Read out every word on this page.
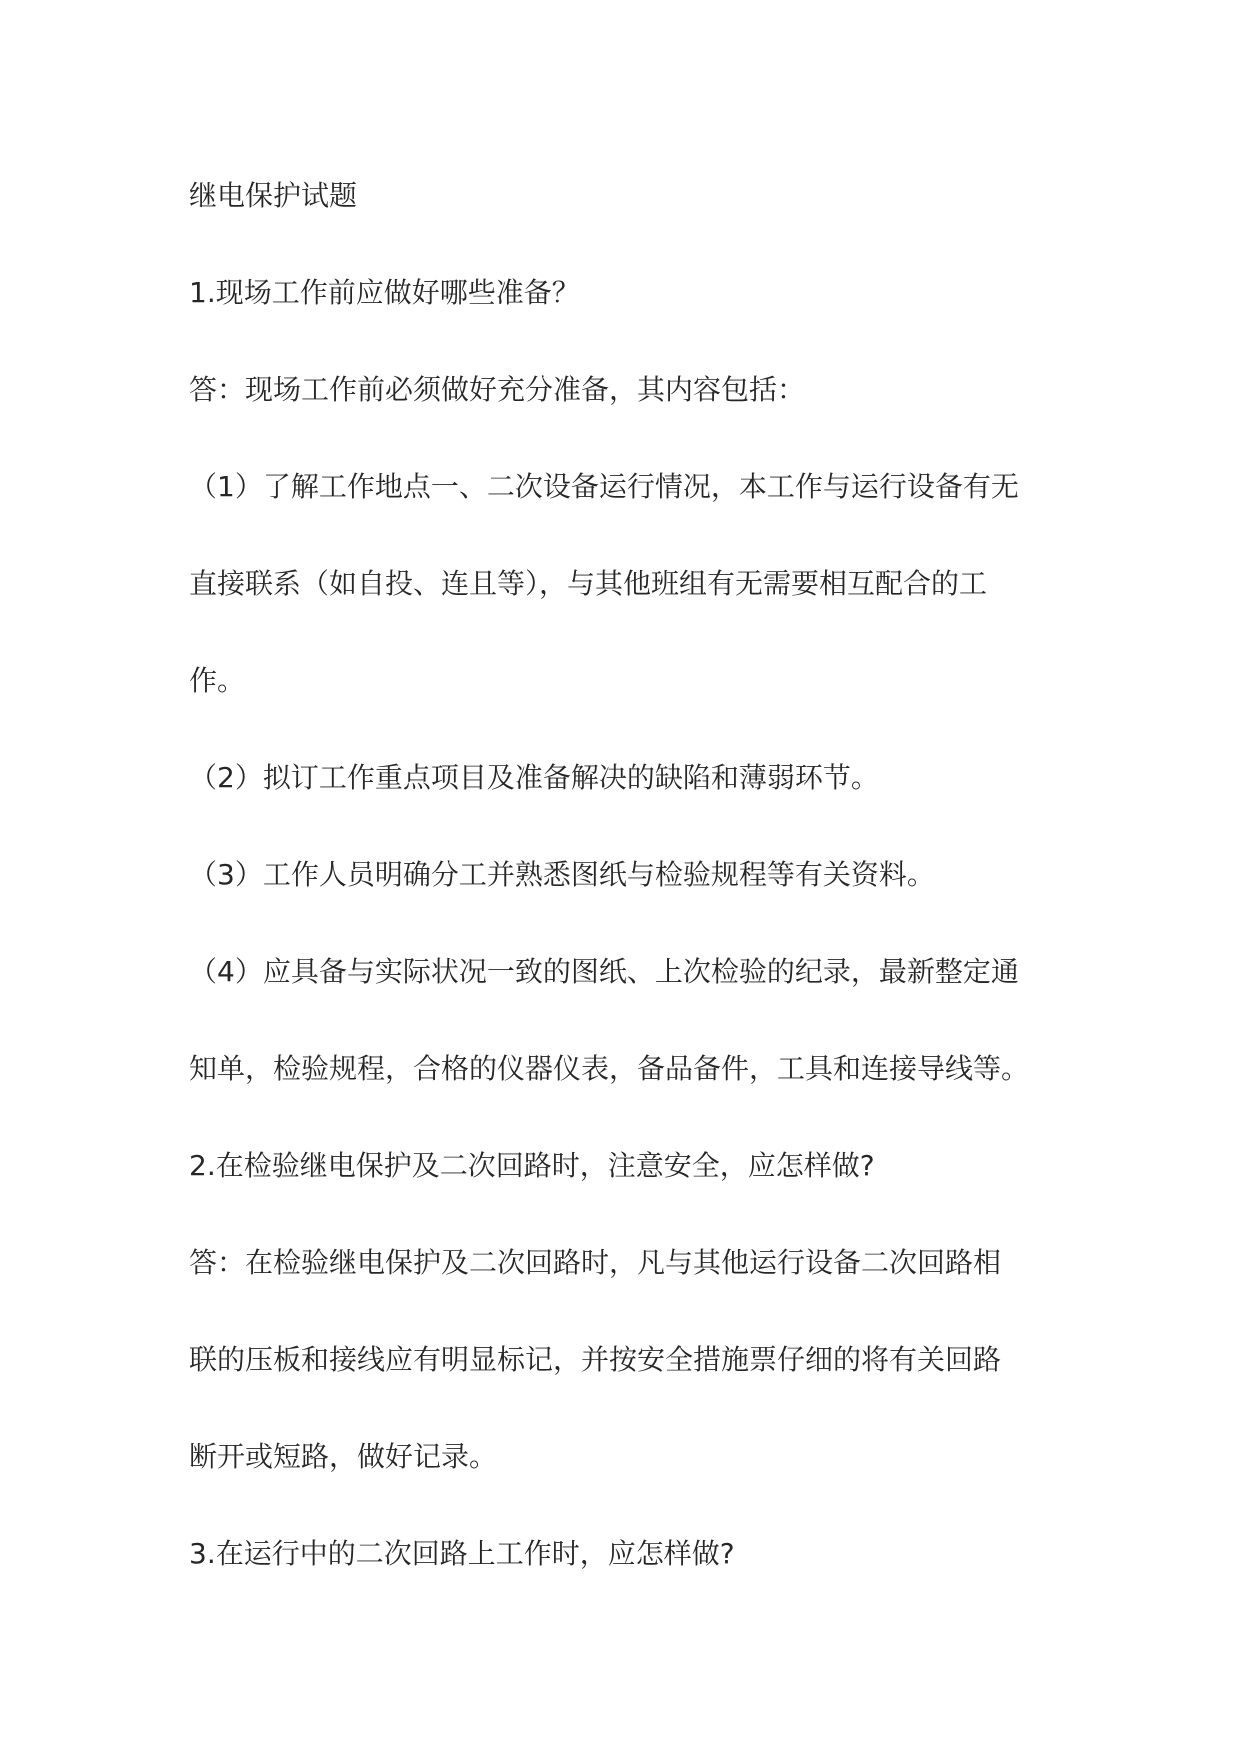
继电保护试题

1.现场工作前应做好哪些准备？

答：现场工作前必须做好充分准备，其内容包括：

（1）了解工作地点一、二次设备运行情况，本工作与运行设备有无

直接联系（如自投、连且等），与其他班组有无需要相互配合的工

作。

（2）拟订工作重点项目及准备解决的缺陷和薄弱环节。

（3）工作人员明确分工并熟悉图纸与检验规程等有关资料。

（4）应具备与实际状况一致的图纸、上次检验的纪录，最新整定通

知单，检验规程，合格的仪器仪表，备品备件，工具和连接导线等。

2.在检验继电保护及二次回路时，注意安全，应怎样做?

答：在检验继电保护及二次回路时，凡与其他运行设备二次回路相

联的压板和接线应有明显标记，并按安全措施票仔细的将有关回路

断开或短路，做好记录。

3.在运行中的二次回路上工作时，应怎样做?
